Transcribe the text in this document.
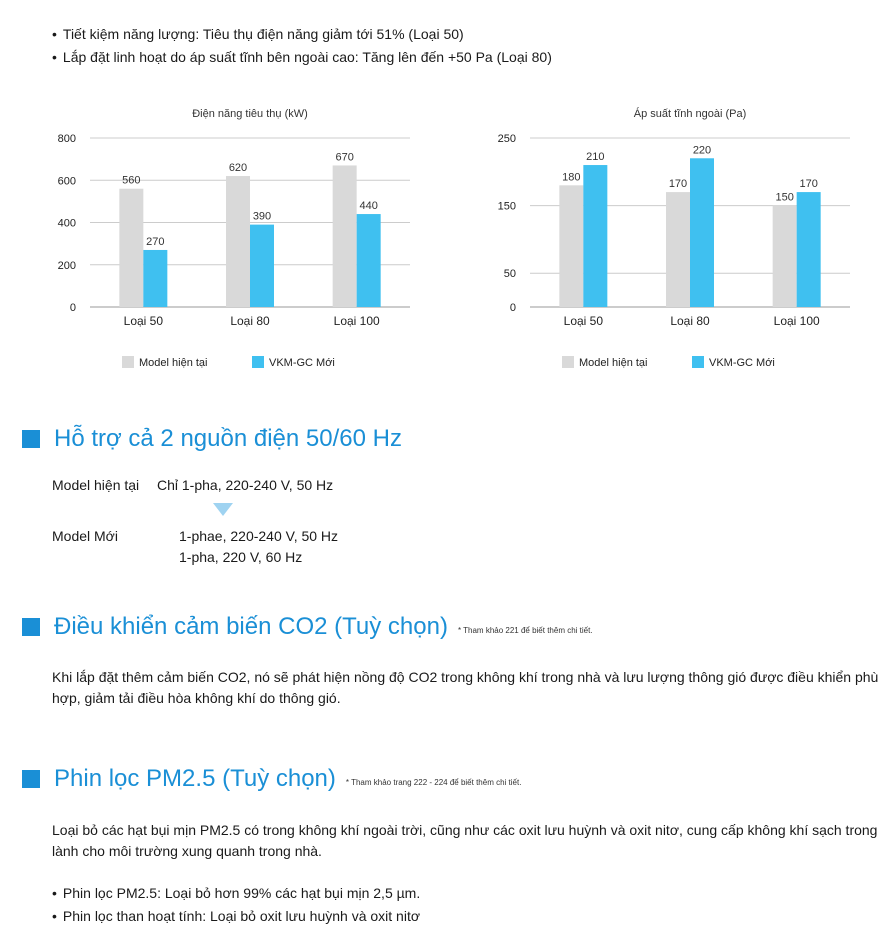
• Tiết kiệm năng lượng: Tiêu thụ điện năng giảm tới 51% (Loại 50)
• Lắp đặt linh hoạt do áp suất tĩnh bên ngoài cao: Tăng lên đến +50 Pa (Loại 80)
Điện năng tiêu thụ (kW)
0
200
400
600
800
560
270
Loại 50
620
390
Loại 80
670
440
Loại 100
Model hiện tại	VKM-GC Mới
Áp suất tĩnh ngoài (Pa)
0
50
150
250
180
210
Loại 50
170
220
Loại 80
150
170
Loại 100
Model hiện tại	VKM-GC Mới
Hỗ trợ cả 2 nguồn điện 50/60 Hz
Model hiện tại Chỉ 1-pha, 220-240 V, 50 Hz
Model Mới	1-phae, 220-240 V, 50 Hz
1-pha, 220 V, 60 Hz
Điều khiển cảm biến CO2 (Tuỳ chọn) * Tham khảo 221 để biết thêm chi tiết.
Khi lắp đặt thêm cảm biến CO2, nó sẽ phát hiện nồng độ CO2 trong không khí trong nhà và lưu lượng thông gió được điều khiển phù hợp, giảm tải điều hòa không khí do thông gió.
Phin lọc PM2.5 (Tuỳ chọn) * Tham khảo trang 222 - 224 để biết thêm chi tiết.
Loại bỏ các hạt bụi mịn PM2.5 có trong không khí ngoài trời, cũng như các oxit lưu huỳnh và oxit nitơ, cung cấp không khí sạch trong lành cho môi trường xung quanh trong nhà.
• Phin lọc PM2.5: Loại bỏ hơn 99% các hạt bụi mịn 2,5 µm.
• Phin lọc than hoạt tính: Loại bỏ oxit lưu huỳnh và oxit nitơ
